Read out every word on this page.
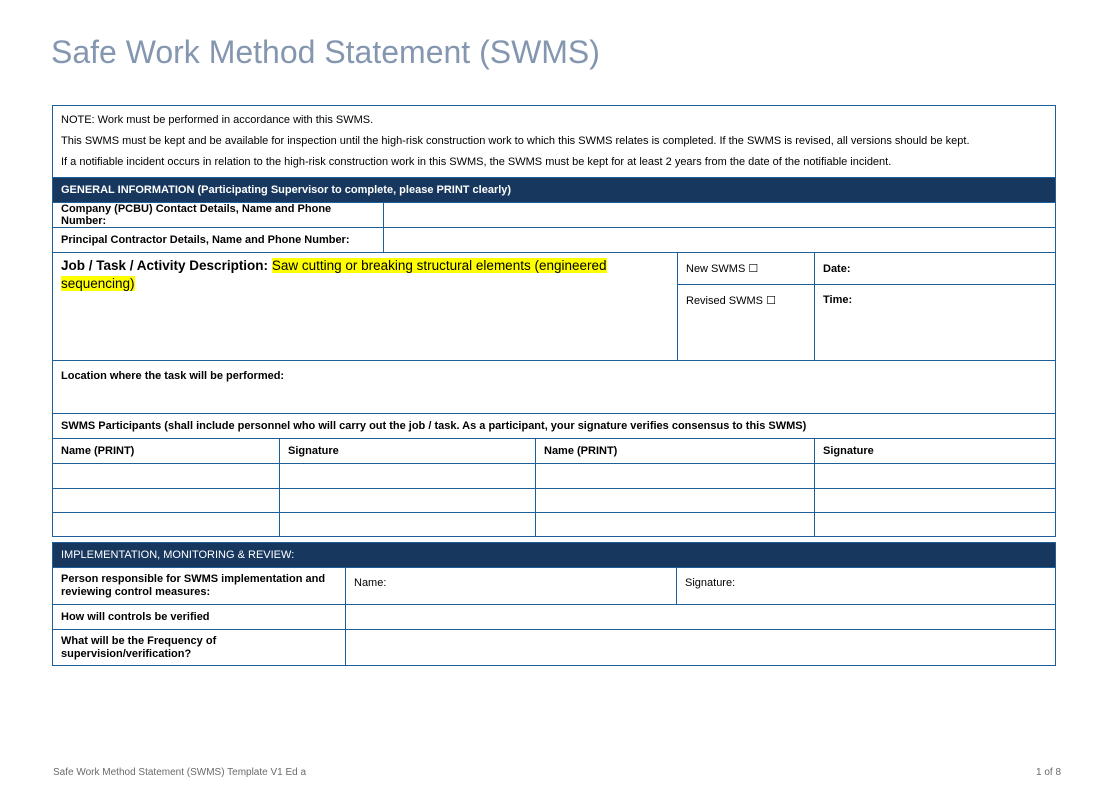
Safe Work Method Statement (SWMS)

NOTE: Work must be performed in accordance with this SWMS.

This SWMS must be kept and be available for inspection until the high-risk construction work to which this SWMS relates is completed. If the SWMS is revised, all versions should be kept.

If a notifiable incident occurs in relation to the high-risk construction work in this SWMS, the SWMS must be kept for at least 2 years from the date of the notifiable incident.					

GENERAL INFORMATION (Participating Supervisor to complete, please PRINT clearly)					
Company (PCBU) Contact Details, Name and Phone Number:					
Principal Contractor Details, Name and Phone Number:					
Job / Task / Activity Description: Saw cutting or breaking structural elements (engineered sequencing)				New SWMS ☐	Date:
				Revised SWMS ☐	Time:
Location where the task will be performed:					
SWMS Participants (shall include personnel who will carry out the job / task. As a participant, your signature verifies consensus to this SWMS)					
Name (PRINT)	Signature		Name (PRINT)		Signature

IMPLEMENTATION, MONITORING & REVIEW:		
Person responsible for SWMS implementation and reviewing control measures:	Name:	Signature:
How will controls be verified		
What will be the Frequency of supervision/verification?		
Safe Work Method Statement (SWMS) Template V1 Ed a	1 of 8
